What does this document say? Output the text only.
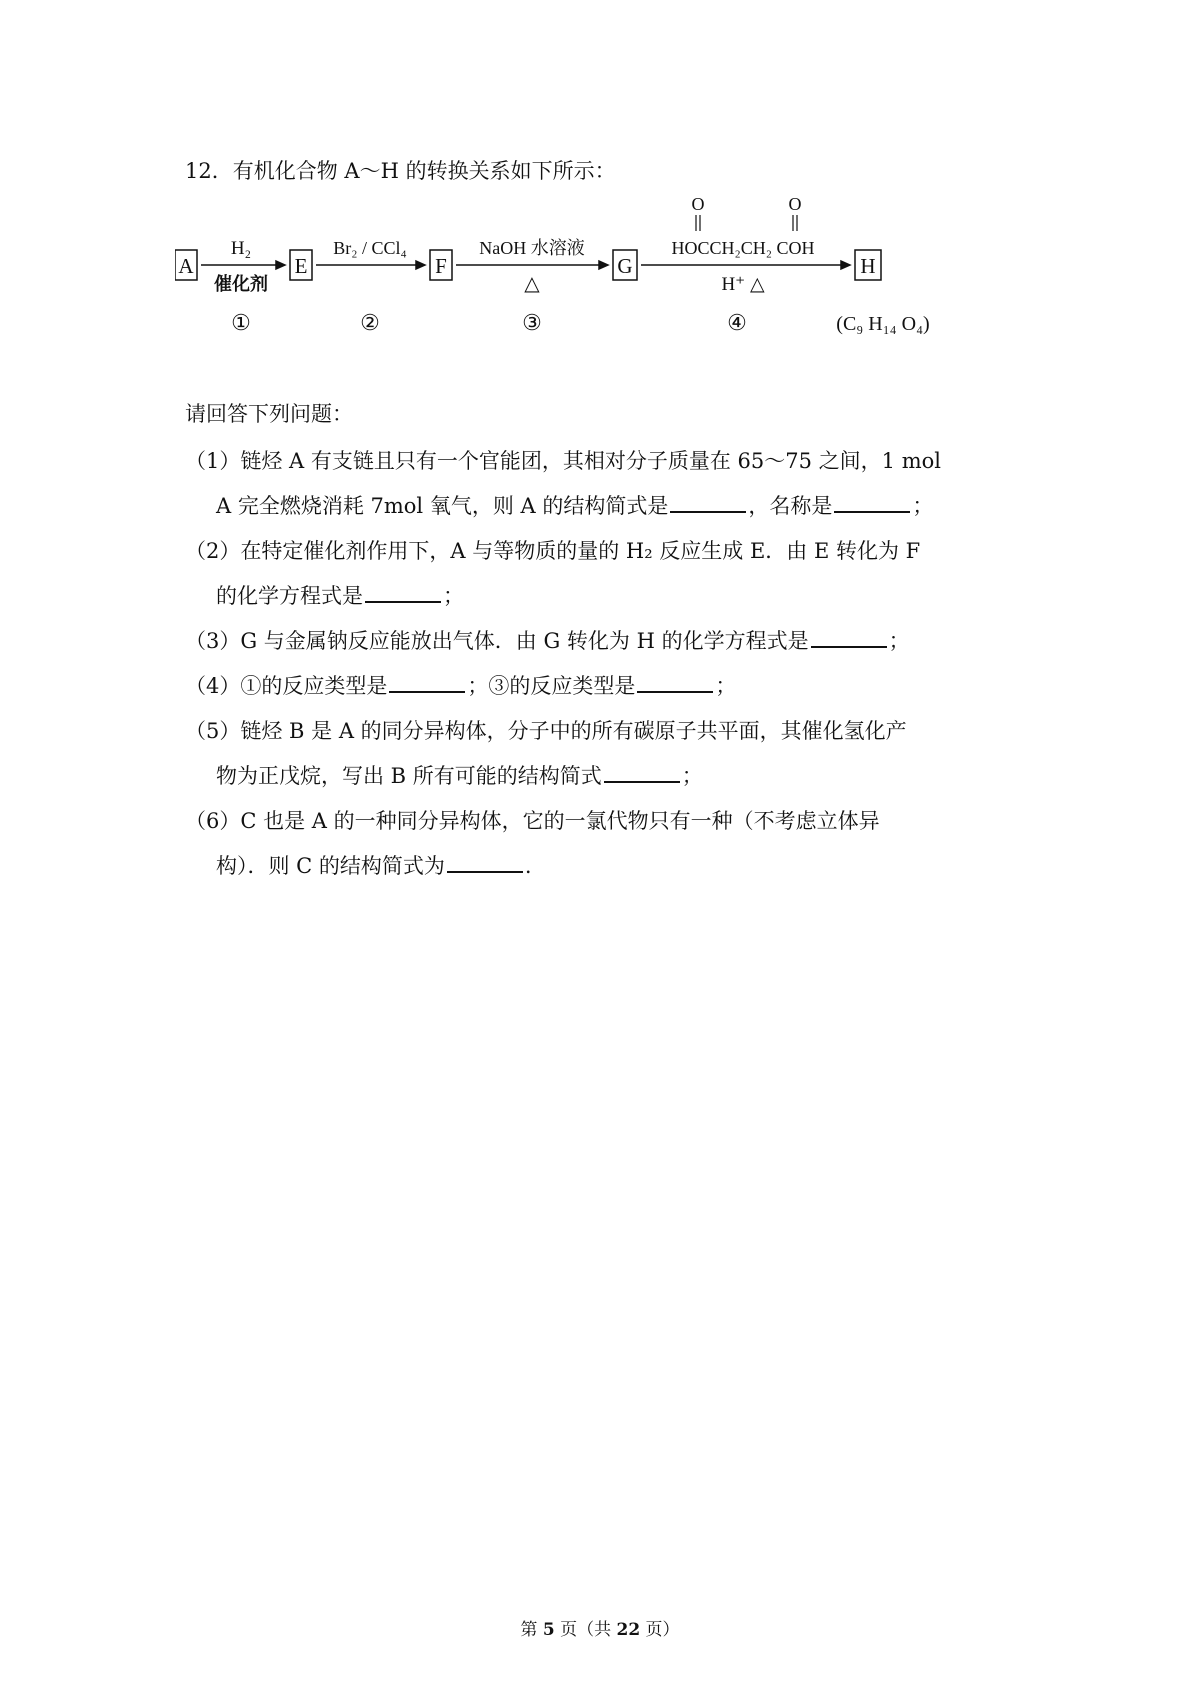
12．有机化合物 A～H 的转换关系如下所示：
A	E	F	G	H
H₂
催化剂
①
Br₂ / CCl₄
②
NaOH 水溶液
△
③
O	O
HOCCH₂CH₂ COH
H⁺ △
④	(C₉ H₁₄ O₄)
请回答下列问题：
（1）链烃 A 有支链且只有一个官能团，其相对分子质量在 65～75 之间，1 mol
A 完全燃烧消耗 7mol 氧气，则 A 的结构简式是	，名称是	；
（2）在特定催化剂作用下，A 与等物质的量的 H₂ 反应生成 E．由 E 转化为 F
的化学方程式是	；
（3）G 与金属钠反应能放出气体．由 G 转化为 H 的化学方程式是	；
（4）①的反应类型是	；③的反应类型是	；
（5）链烃 B 是 A 的同分异构体，分子中的所有碳原子共平面，其催化氢化产
物为正戊烷，写出 B 所有可能的结构简式	；
（6）C 也是 A 的一种同分异构体，它的一氯代物只有一种（不考虑立体异
构）．则 C 的结构简式为	.
第 5 页（共 22 页）
